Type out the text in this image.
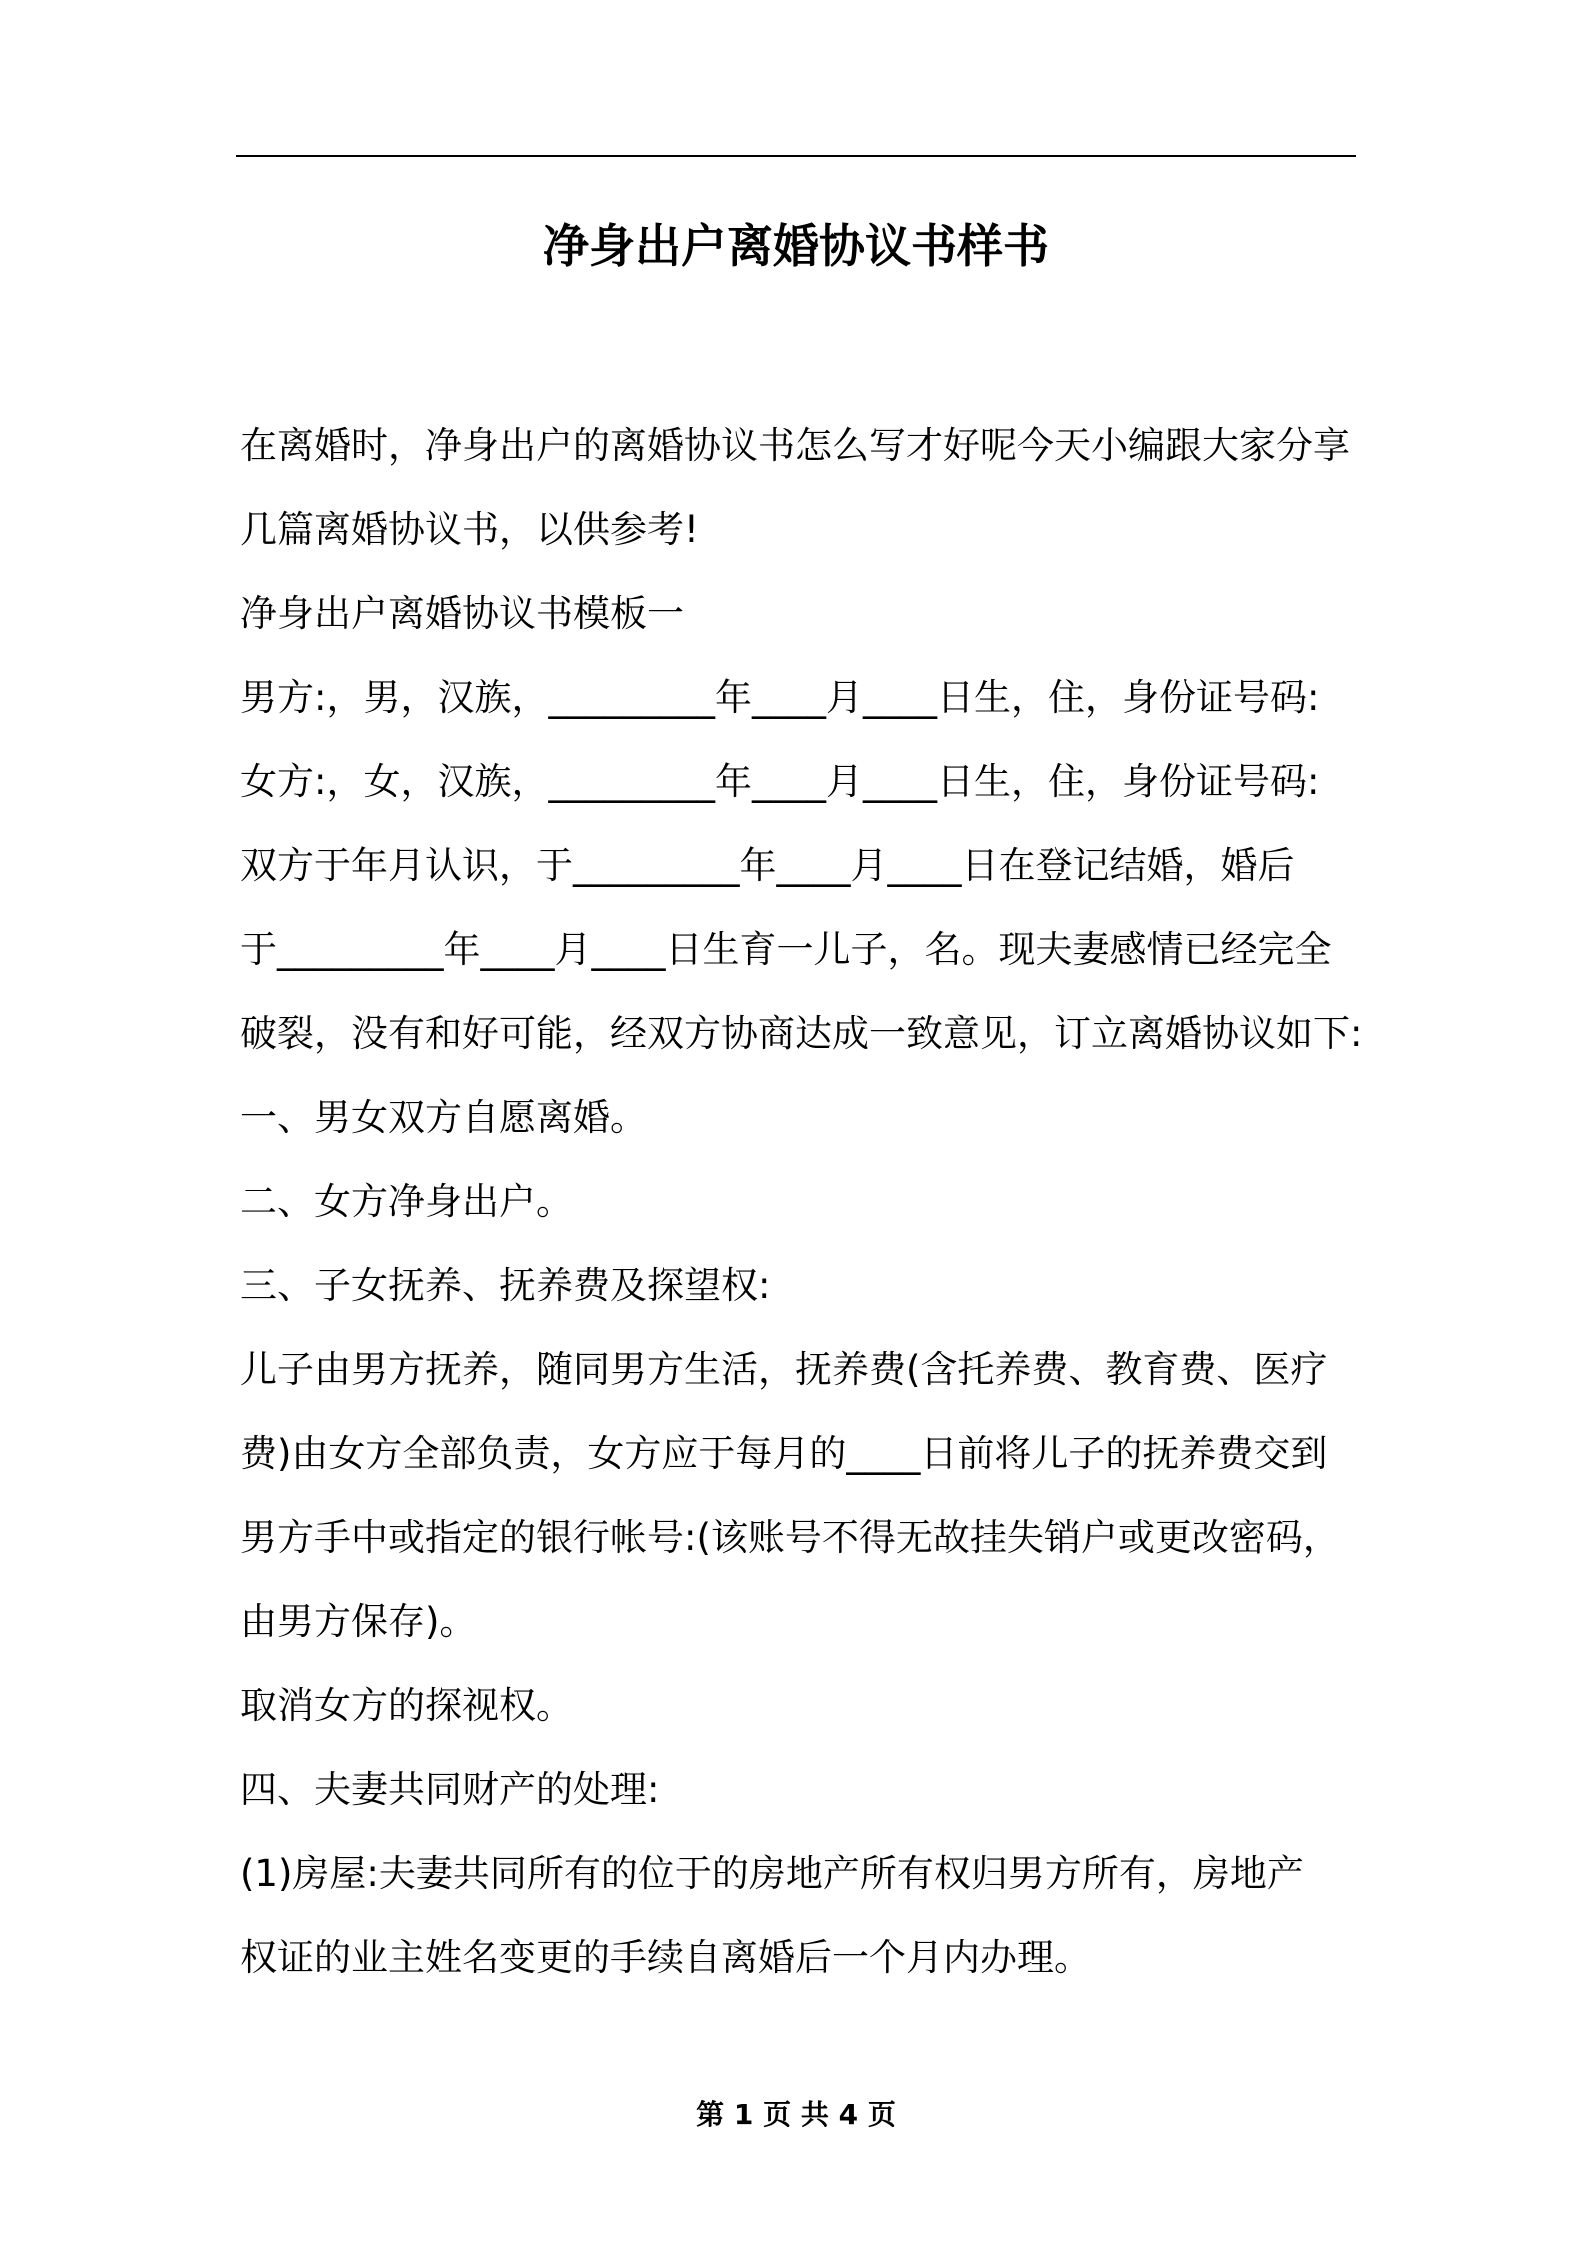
净身出户离婚协议书样书
在离婚时，净身出户的离婚协议书怎么写才好呢今天小编跟大家分享
几篇离婚协议书，以供参考!
净身出户离婚协议书模板一
男方:，男，汉族，_________年____月____日生，住，身份证号码:
女方:，女，汉族，_________年____月____日生，住，身份证号码:
双方于年月认识，于_________年____月____日在登记结婚，婚后
于_________年____月____日生育一儿子，名。现夫妻感情已经完全
破裂，没有和好可能，经双方协商达成一致意见，订立离婚协议如下:
一、男女双方自愿离婚。
二、女方净身出户。
三、子女抚养、抚养费及探望权:
儿子由男方抚养，随同男方生活，抚养费(含托养费、教育费、医疗
费)由女方全部负责，女方应于每月的____日前将儿子的抚养费交到
男方手中或指定的银行帐号:(该账号不得无故挂失销户或更改密码，
由男方保存)。
取消女方的探视权。
四、夫妻共同财产的处理:
(1)房屋:夫妻共同所有的位于的房地产所有权归男方所有，房地产
权证的业主姓名变更的手续自离婚后一个月内办理。
第 1 页 共 4 页
